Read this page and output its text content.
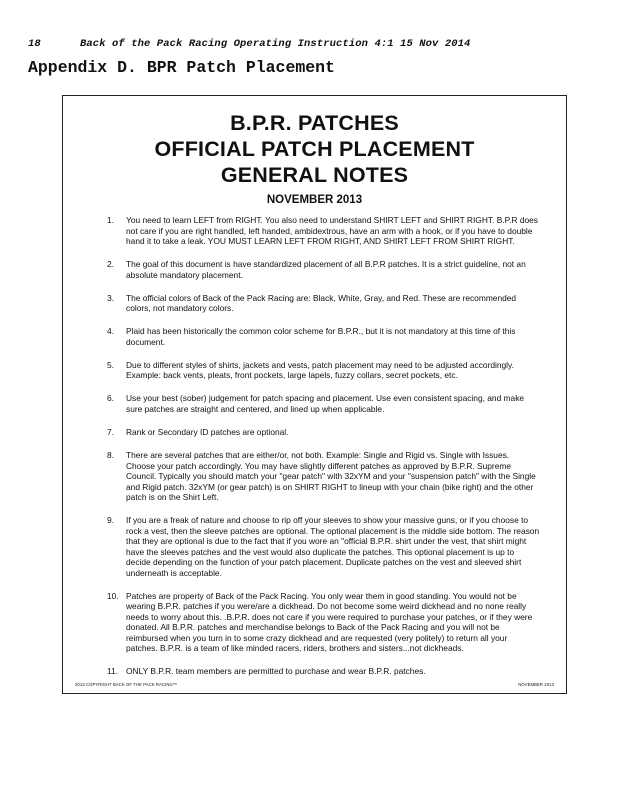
18	Back of the Pack Racing Operating Instruction 4:1 15 Nov 2014
Appendix D. BPR Patch Placement
B.P.R. PATCHES
OFFICIAL PATCH PLACEMENT
GENERAL NOTES
NOVEMBER 2013
1. You need to learn LEFT from RIGHT. You also need to understand SHIRT LEFT and SHIRT RIGHT. B.P.R does not care if you are right handled, left handed, ambidextrous, have an arm with a hook, or if you have to double hand it to take a leak. YOU MUST LEARN LEFT FROM RIGHT, AND SHIRT LEFT FROM SHIRT RIGHT.
2. The goal of this document is have standardized placement of all B.P.R patches. It is a strict guideline, not an absolute mandatory placement.
3. The official colors of Back of the Pack Racing are: Black, White, Gray, and Red. These are recommended colors, not mandatory colors.
4. Plaid has been historically the common color scheme for B.P.R., but it is not mandatory at this time of this document.
5. Due to different styles of shirts, jackets and vests, patch placement may need to be adjusted accordingly. Example: back vents, pleats, front pockets, large lapels, fuzzy collars, secret pockets, etc.
6. Use your best (sober) judgement for patch spacing and placement. Use even consistent spacing, and make sure patches are straight and centered, and lined up when applicable.
7. Rank or Secondary ID patches are optional.
8. There are several patches that are either/or, not both. Example: Single and Rigid vs. Single with Issues. Choose your patch accordingly. You may have slightly different patches as approved by B.P.R. Supreme Council. Typically you should match your "gear patch" with 32xYM and your "suspension patch" with the Single and Rigid patch. 32xYM (or gear patch) is on SHIRT RIGHT to lineup with your chain (bike right) and the other patch is on the Shirt Left.
9. If you are a freak of nature and choose to rip off your sleeves to show your massive guns, or if you choose to rock a vest, then the sleeve patches are optional. The optional placement is the middle side bottom. The reason that they are optional is due to the fact that if you wore an "official B.P.R. shirt under the vest, that shirt might have the sleeves patches and the vest would also duplicate the patches. This optional placement is up to decide depending on the function of your patch placement. Duplicate patches on the vest and sleeved shirt underneath is acceptable.
10. Patches are property of Back of the Pack Racing. You only wear them in good standing. You would not be wearing B.P.R. patches if you were/are a dickhead. Do not become some weird dickhead and no none really needs to worry about this. .B.P.R. does not care if you were required to purchase your patches, or if they were donated. All B.P.R. patches and merchandise belongs to Back of the Pack Racing and you will not be reimbursed when you turn in to some crazy dickhead and are requested (very politely) to return all your patches. B.P.R. is a team of like minded racers, riders, brothers and sisters...not dickheads.
11. ONLY B.P.R. team members are permitted to purchase and wear B.P.R. patches.
2013 COPYRIGHT BACK OF THE PACK RACING™	NOVEMBER 2013
